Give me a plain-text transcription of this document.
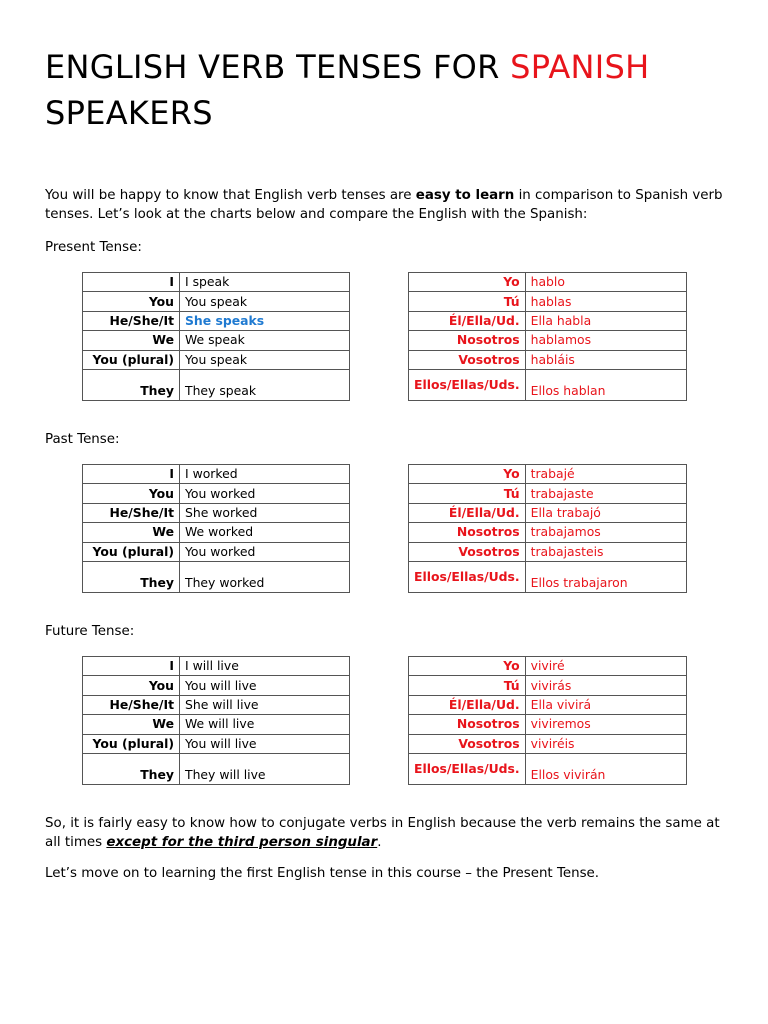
ENGLISH VERB TENSES FOR SPANISH
SPEAKERS

You will be happy to know that English verb tenses are easy to learn in comparison to Spanish verb tenses. Let’s look at the charts below and compare the English with the Spanish:

Present Tense:

I	I speak
You	You speak
He/She/It	She speaks
We	We speak
You (plural)	You speak
They	They speak
Yo	hablo
Tú	hablas
Él/Ella/Ud.	Ella habla
Nosotros	hablamos
Vosotros	habláis
Ellos/Ellas/Uds.	Ellos hablan

Past Tense:

I	I worked
You	You worked
He/She/It	She worked
We	We worked
You (plural)	You worked
They	They worked
Yo	trabajé
Tú	trabajaste
Él/Ella/Ud.	Ella trabajó
Nosotros	trabajamos
Vosotros	trabajasteis
Ellos/Ellas/Uds.	Ellos trabajaron

Future Tense:

I	I will live
You	You will live
He/She/It	She will live
We	We will live
You (plural)	You will live
They	They will live
Yo	viviré
Tú	vivirás
Él/Ella/Ud.	Ella vivirá
Nosotros	viviremos
Vosotros	viviréis
Ellos/Ellas/Uds.	Ellos vivirán

So, it is fairly easy to know how to conjugate verbs in English because the verb remains the same at all times except for the third person singular.

Let’s move on to learning the first English tense in this course – the Present Tense.
